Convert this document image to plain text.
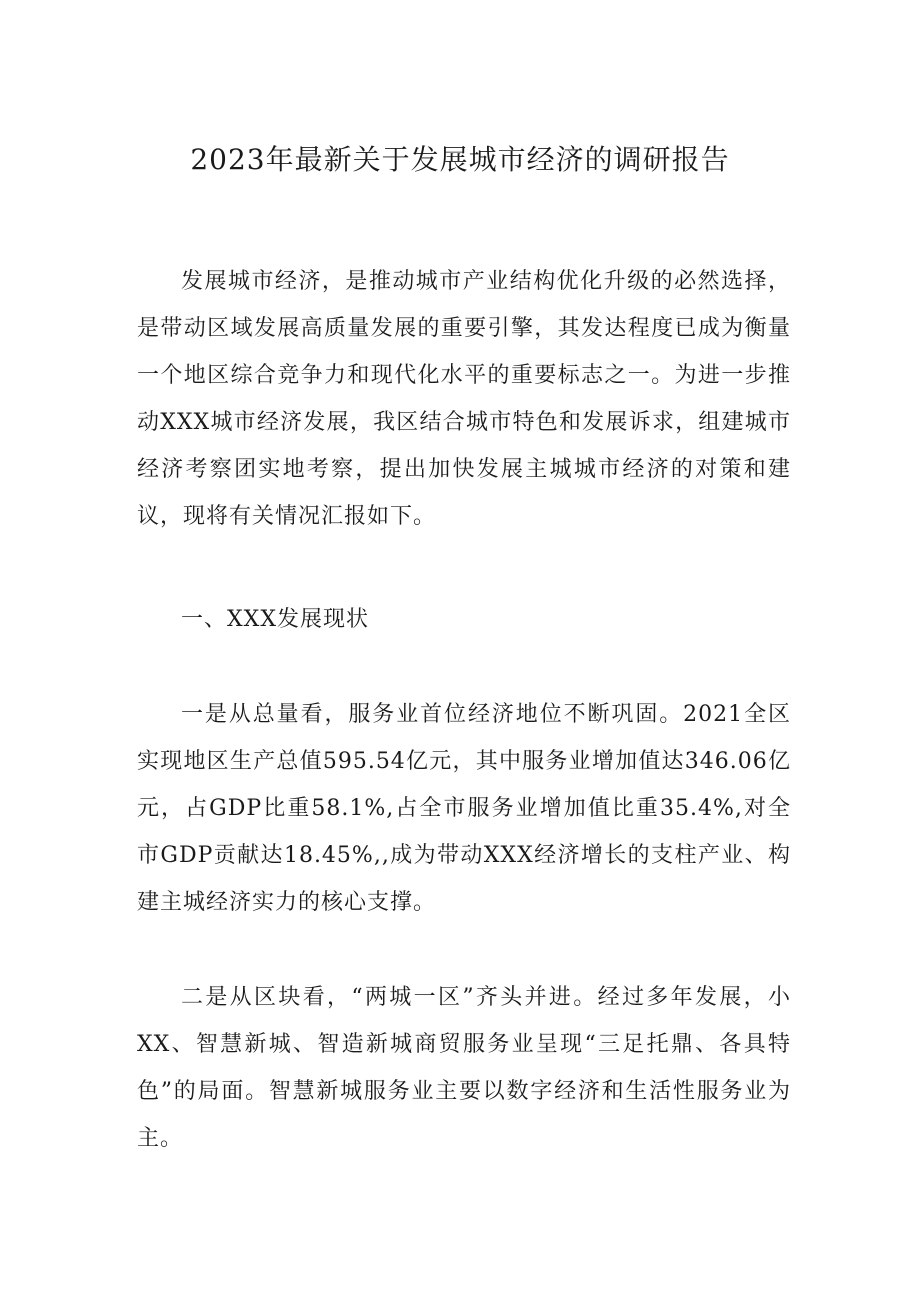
2023年最新关于发展城市经济的调研报告

发展城市经济，是推动城市产业结构优化升级的必然选择，是带动区域发展高质量发展的重要引擎，其发达程度已成为衡量一个地区综合竞争力和现代化水平的重要标志之一。为进一步推动XXX城市经济发展，我区结合城市特色和发展诉求，组建城市经济考察团实地考察，提出加快发展主城城市经济的对策和建议，现将有关情况汇报如下。

一、XXX发展现状

一是从总量看，服务业首位经济地位不断巩固。2021全区实现地区生产总值595.54亿元，其中服务业增加值达346.06亿元，占GDP比重58.1%,占全市服务业增加值比重35.4%,对全市GDP贡献达18.45%,,成为带动XXX经济增长的支柱产业、构建主城经济实力的核心支撑。

二是从区块看，“两城一区”齐头并进。经过多年发展，小XX、智慧新城、智造新城商贸服务业呈现“三足托鼎、各具特色”的局面。智慧新城服务业主要以数字经济和生活性服务业为主。
